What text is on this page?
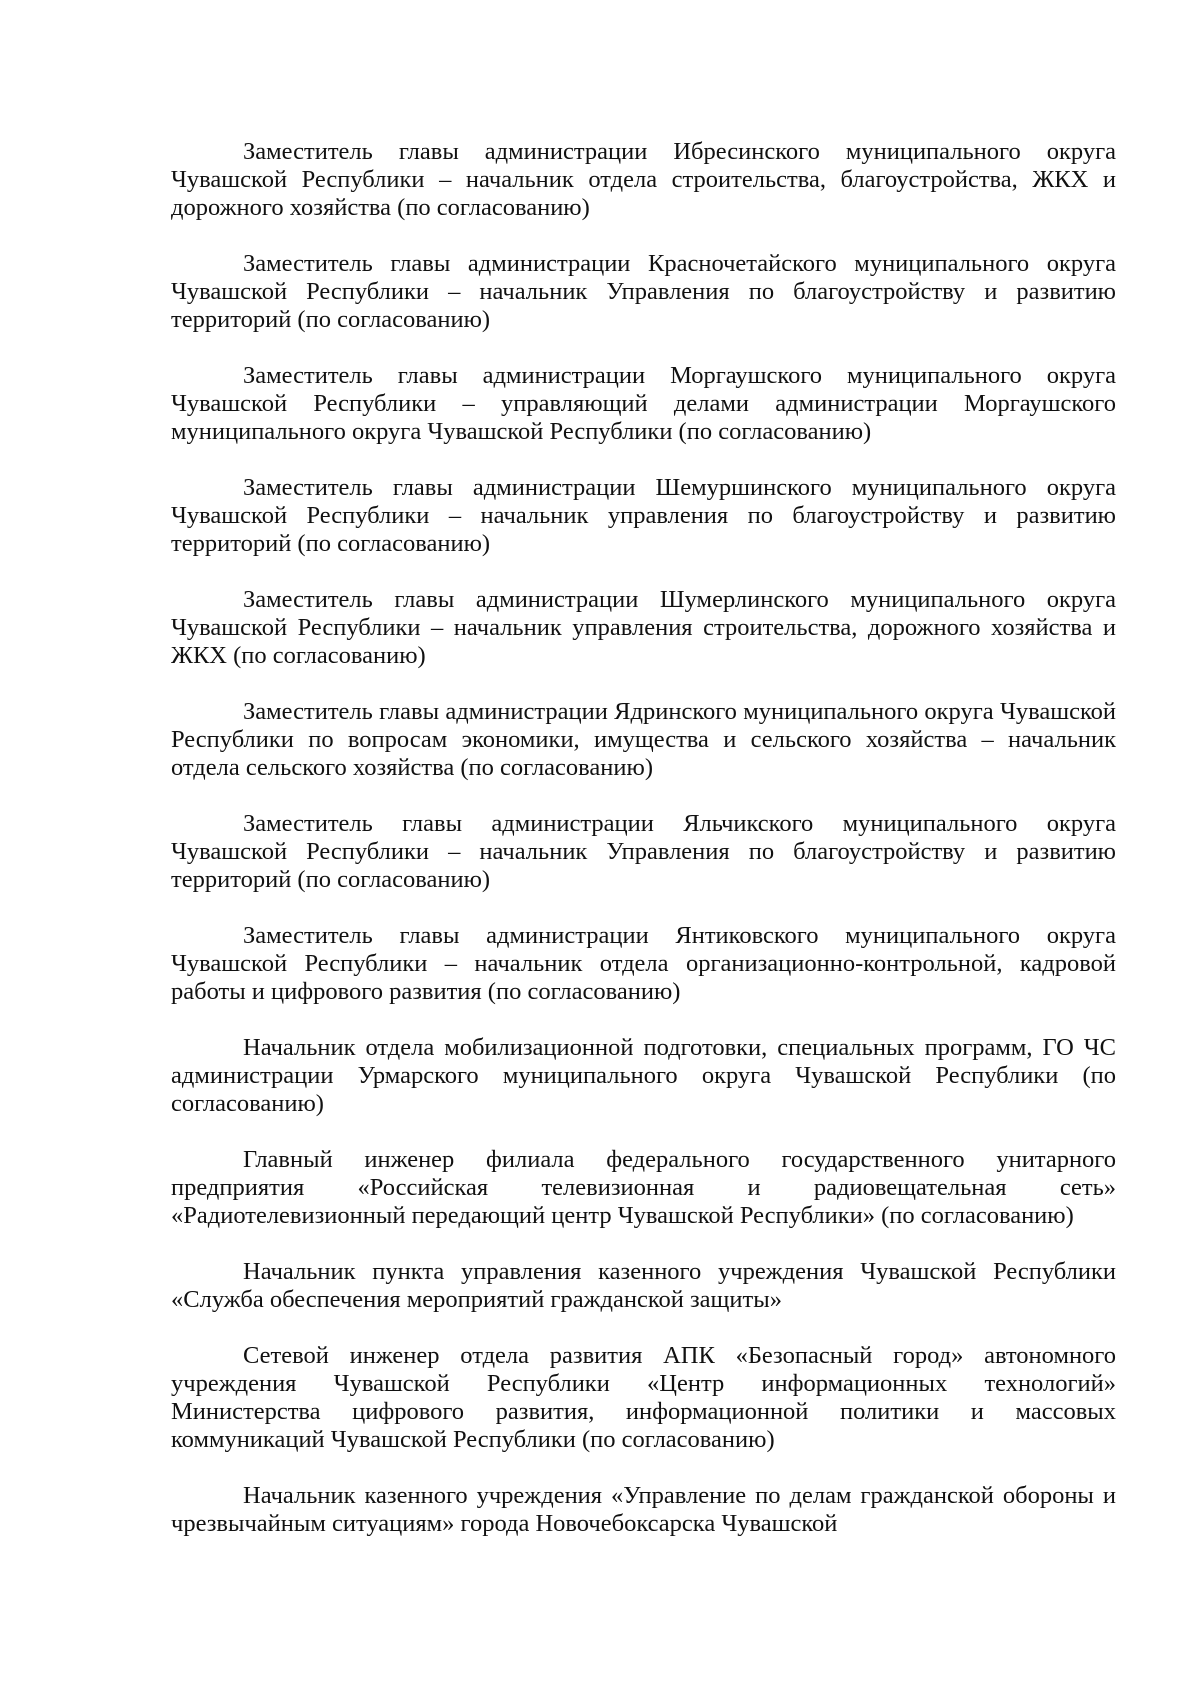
Заместитель главы администрации Ибресинского муниципального округа Чувашской Республики – начальник отдела строительства, благоустройства, ЖКХ и дорожного хозяйства (по согласованию)

Заместитель главы администрации Красночетайского муниципального округа Чувашской Республики – начальник Управления по благоустройству и развитию территорий (по согласованию)

Заместитель главы администрации Моргаушского муниципального округа Чувашской Республики – управляющий делами администрации Моргаушского муниципального округа Чувашской Республики (по согласованию)

Заместитель главы администрации Шемуршинского муниципального округа Чувашской Республики – начальник управления по благоустройству и развитию территорий (по согласованию)

Заместитель главы администрации Шумерлинского муниципального округа Чувашской Республики – начальник управления строительства, дорожного хозяйства и ЖКХ (по согласованию)

Заместитель главы администрации Ядринского муниципального округа Чувашской Республики по вопросам экономики, имущества и сельского хозяйства – начальник отдела сельского хозяйства (по согласованию)

Заместитель главы администрации Яльчикского муниципального округа Чувашской Республики – начальник Управления по благоустройству и развитию территорий (по согласованию)

Заместитель главы администрации Янтиковского муниципального округа Чувашской Республики – начальник отдела организационно-контрольной, кадровой работы и цифрового развития (по согласованию)

Начальник отдела мобилизационной подготовки, специальных программ, ГО ЧС администрации Урмарского муниципального округа Чувашской Республики (по согласованию)

Главный инженер филиала федерального государственного унитарного предприятия «Российская телевизионная и радиовещательная сеть» «Радиотелевизионный передающий центр Чувашской Республики» (по согласованию)

Начальник пункта управления казенного учреждения Чувашской Республики «Служба обеспечения мероприятий гражданской защиты»

Сетевой инженер отдела развития АПК «Безопасный город» автономного учреждения Чувашской Республики «Центр информационных технологий» Министерства цифрового развития, информационной политики и массовых коммуникаций Чувашской Республики (по согласованию)

Начальник казенного учреждения «Управление по делам гражданской обороны и чрезвычайным ситуациям» города Новочебоксарска Чувашской
